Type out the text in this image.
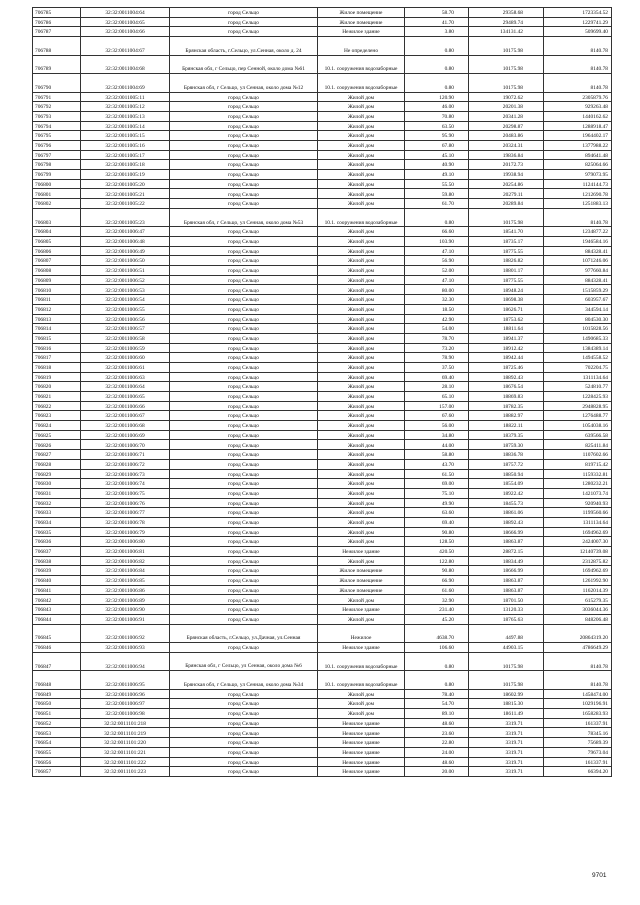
706785	32:32:0011004:64	город Сельцо	Жилое помещение	58.70	29358.68	1723354.52
706786	32:32:0011004:65	город Сельцо	Жилое помещение	41.70	29489.74	1229741.29
706787	32:32:0011004:66	город Сельцо	Нежилое здание	3.80	134131.42	509699.40
706788	32:32:0011004:67	Брянская область, г.Сельцо, ул.Сенная, около д. 24	Не определено	0.80	10175.98	8140.78
706789	32:32:0011004:68	Брянская обл, г Сельцо, пер Сенной, около дома №61	10.1. сооружения водозаборные	0.80	10175.98	8140.78
706790	32:32:0011004:69	Брянская обл, г Сельцо, ул Сенная, около дома №12	10.1. сооружения водозаборные	0.80	10175.98	8140.78
706791	32:32:0011005:11	город Сельцо	Жилой дом	120.90	19072.62	2305879.76
706792	32:32:0011005:12	город Сельцо	Жилой дом	46.00	20201.38	929263.48
706793	32:32:0011005:13	город Сельцо	Жилой дом	70.80	20341.28	1440162.62
706794	32:32:0011005:14	город Сельцо	Жилой дом	63.50	20298.87	1288918.47
706795	32:32:0011005:15	город Сельцо	Жилой дом	95.90	20483.86	1964402.17
706796	32:32:0011005:16	город Сельцо	Жилой дом	67.80	20324.31	1377988.22
706797	32:32:0011005:17	город Сельцо	Жилой дом	45.10	19836.84	894641.48
706798	32:32:0011005:18	город Сельцо	Жилой дом	40.90	20172.73	825064.66
706799	32:32:0011005:19	город Сельцо	Жилой дом	49.10	19938.94	979073.95
706800	32:32:0011005:20	город Сельцо	Жилой дом	55.50	20254.86	1124144.73
706801	32:32:0011005:21	город Сельцо	Жилой дом	59.80	20279.11	1212690.78
706802	32:32:0011005:22	город Сельцо	Жилой дом	61.70	20289.84	1251883.13
706803	32:32:0011005:23	Брянская обл, г Сельцо, ул Сенная, около дома №53	10.1. сооружения водозаборные	0.80	10175.98	8140.78
706804	32:32:0011006:47	город Сельцо	Жилой дом	66.60	18541.70	1234877.22
706805	32:32:0011006:48	город Сельцо	Жилой дом	103.90	18735.17	1946584.16
706806	32:32:0011006:49	город Сельцо	Жилой дом	47.10	18775.55	884328.41
706807	32:32:0011006:50	город Сельцо	Жилой дом	56.90	18826.82	1071246.06
706808	32:32:0011006:51	город Сельцо	Жилой дом	52.00	18801.17	977660.84
706809	32:32:0011006:52	город Сельцо	Жилой дом	47.10	18775.55	884328.41
706810	32:32:0011006:53	город Сельцо	Жилой дом	80.00	18948.24	1515859.29
706811	32:32:0011006:54	город Сельцо	Жилой дом	32.30	18698.38	603957.67
706812	32:32:0011006:55	город Сельцо	Жилой дом	18.50	18626.71	344594.14
706813	32:32:0011006:56	город Сельцо	Жилой дом	42.90	18753.62	804530.30
706814	32:32:0011006:57	город Сельцо	Жилой дом	54.00	18811.64	1015828.56
706815	32:32:0011006:58	город Сельцо	Жилой дом	78.70	18941.37	1490685.33
706816	32:32:0011006:59	город Сельцо	Жилой дом	73.20	18912.42	1384389.14
706817	32:32:0011006:60	город Сельцо	Жилой дом	78.90	18942.44	1494558.52
706818	32:32:0011006:61	город Сельцо	Жилой дом	37.50	18725.46	702204.75
706819	32:32:0011006:63	город Сельцо	Жилой дом	69.40	18892.43	1311134.64
706820	32:32:0011006:64	город Сельцо	Жилой дом	28.10	18676.54	524810.77
706821	32:32:0011006:65	город Сельцо	Жилой дом	65.10	18869.83	1228425.93
706822	32:32:0011006:66	город Сельцо	Жилой дом	157.00	18782.35	2948828.95
706823	32:32:0011006:67	город Сельцо	Жилой дом	67.60	18882.97	1276488.77
706824	32:32:0011006:68	город Сельцо	Жилой дом	56.00	18822.11	1054038.16
706825	32:32:0011006:69	город Сельцо	Жилой дом	34.80	18379.35	639566.58
706826	32:32:0011006:70	город Сельцо	Жилой дом	44.00	18759.30	825411.84
706827	32:32:0011006:71	город Сельцо	Жилой дом	58.80	18836.78	1107602.66
706828	32:32:0011006:72	город Сельцо	Жилой дом	43.70	18757.72	819715.42
706829	32:32:0011006:73	город Сельцо	Жилой дом	61.50	18850.94	1159332.81
706830	32:32:0011006:74	город Сельцо	Жилой дом	69.00	18554.09	1280232.21
706831	32:32:0011006:75	город Сельцо	Жилой дом	75.10	18922.42	1421073.74
706832	32:32:0011006:76	город Сельцо	Жилой дом	49.90	18455.73	920940.93
706833	32:32:0011006:77	город Сельцо	Жилой дом	63.60	18861.06	1199560.66
706834	32:32:0011006:78	город Сельцо	Жилой дом	69.40	18892.43	1311134.64
706835	32:32:0011006:79	город Сельцо	Жилой дом	90.80	18666.99	1694962.69
706836	32:32:0011006:80	город Сельцо	Жилой дом	128.50	18863.87	2424007.30
706837	32:32:0011006:81	город Сельцо	Нежилое здание	420.50	28872.15	12140739.08
706838	32:32:0011006:82	город Сельцо	Жилой дом	122.80	18834.49	2312875.82
706839	32:32:0011006:84	город Сельцо	Жилое помещение	90.80	18666.99	1694962.69
706840	32:32:0011006:85	город Сельцо	Жилое помещение	66.90	18863.87	1261992.90
706841	32:32:0011006:86	город Сельцо	Жилое помещение	61.60	18863.87	1162014.39
706842	32:32:0011006:89	город Сельцо	Жилой дом	32.90	18701.50	615279.35
706843	32:32:0011006:90	город Сельцо	Нежилое здание	231.40	13120.33	3036044.36
706844	32:32:0011006:91	город Сельцо	Жилой дом	45.20	18765.63	848206.48
706845	32:32:0011006:92	Брянская область, г.Сельцо, ул.Дачная, ул.Сенная	Нежилое	4638.70	4497.88	20864319.20
706846	32:32:0011006:93	город Сельцо	Нежилое здание	106.60	44903.15	4786649.29
706847	32:32:0011006:94	Брянская обл, г Сельцо, ул Сенная, около дома №6	10.1. сооружения водозаборные	0.80	10175.98	8140.78
706848	32:32:0011006:95	Брянская обл, г Сельцо, ул Сенная, около дома №34	10.1. сооружения водозаборные	0.80	10175.98	8140.78
706849	32:32:0011006:96	город Сельцо	Жилой дом	78.40	18602.99	1458474.00
706850	32:32:0011006:97	город Сельцо	Жилой дом	54.70	18815.30	1029196.91
706851	32:32:0011006:98	город Сельцо	Жилой дом	89.10	18611.49	1658283.93
706852	32:32:0011101:218	город Сельцо	Нежилое здание	48.60	3319.71	161337.91
706853	32:32:0011101:219	город Сельцо	Нежилое здание	23.60	3319.71	78345.16
706854	32:32:0011101:220	город Сельцо	Нежилое здание	22.80	3319.71	75689.39
706855	32:32:0011101:221	город Сельцо	Нежилое здание	24.00	3319.71	79673.04
706856	32:32:0011101:222	город Сельцо	Нежилое здание	48.60	3319.71	161337.91
706857	32:32:0011101:223	город Сельцо	Нежилое здание	20.00	3319.71	66394.20
9701
